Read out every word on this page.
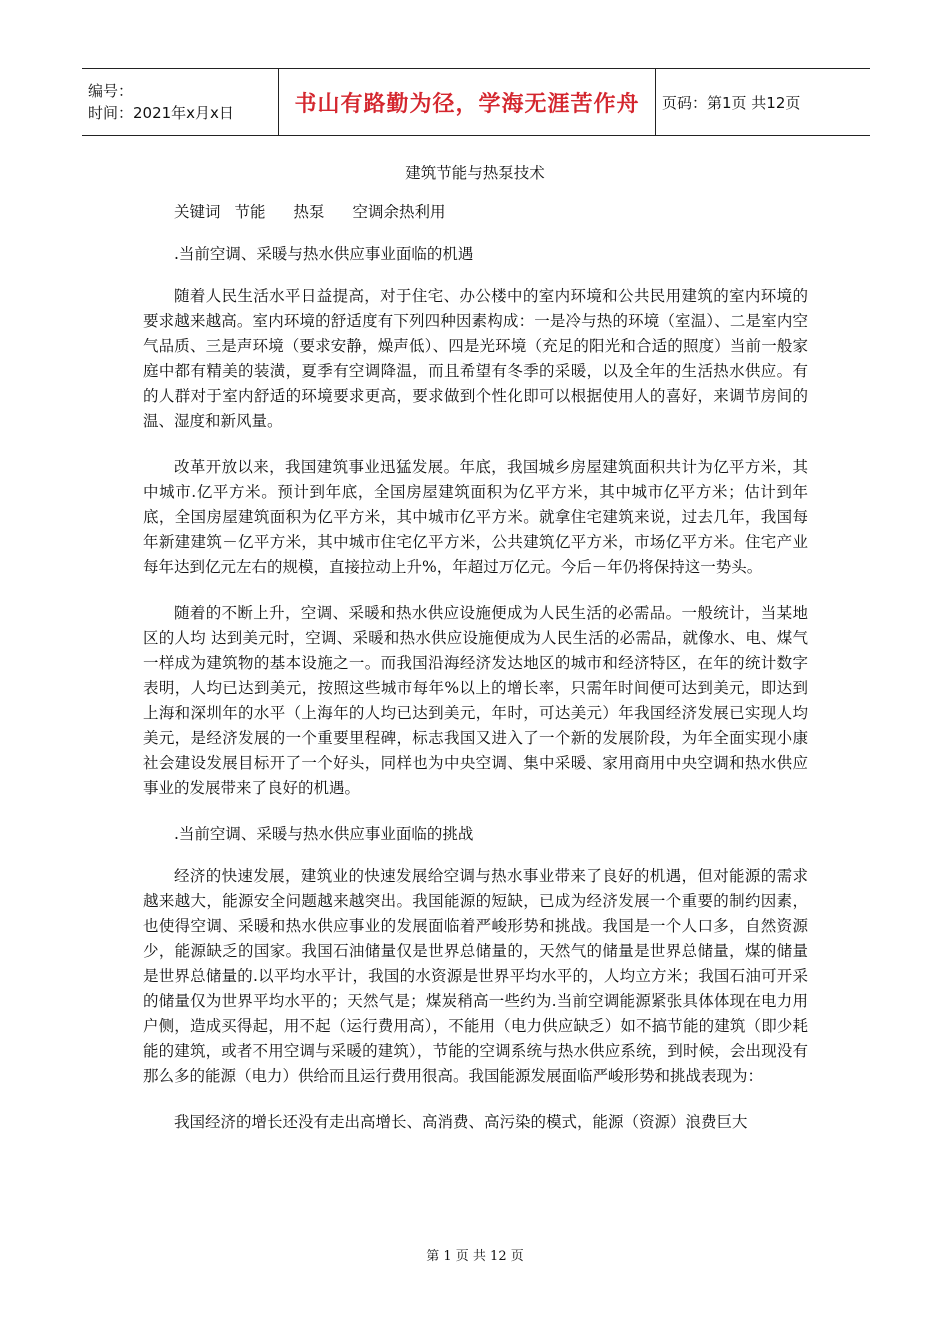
编号：
时间：2021年x月x日	书山有路勤为径，学海无涯苦作舟 页码：第1页 共12页
建筑节能与热泵技术

关键词 节能 热泵 空调余热利用

.当前空调、采暖与热水供应事业面临的机遇

随着人民生活水平日益提高，对于住宅、办公楼中的室内环境和公共民用建筑的室内环境的要求越来越高。室内环境的舒适度有下列四种因素构成：一是冷与热的环境（室温）、二是室内空气品质、三是声环境（要求安静，燥声低）、四是光环境（充足的阳光和合适的照度）当前一般家庭中都有精美的装潢，夏季有空调降温，而且希望有冬季的采暖，以及全年的生活热水供应。有的人群对于室内舒适的环境要求更高，要求做到个性化即可以根据使用人的喜好，来调节房间的温、湿度和新风量。

改革开放以来，我国建筑事业迅猛发展。年底，我国城乡房屋建筑面积共计为亿平方米，其中城市.亿平方米。预计到年底，全国房屋建筑面积为亿平方米，其中城市亿平方米；估计到年底，全国房屋建筑面积为亿平方米，其中城市亿平方米。就拿住宅建筑来说，过去几年，我国每年新建建筑－亿平方米，其中城市住宅亿平方米，公共建筑亿平方米，市场亿平方米。住宅产业每年达到亿元左右的规模，直接拉动上升%，年超过万亿元。今后－年仍将保持这一势头。

随着的不断上升，空调、采暖和热水供应设施便成为人民生活的必需品。一般统计，当某地区的人均 达到美元时，空调、采暖和热水供应设施便成为人民生活的必需品，就像水、电、煤气一样成为建筑物的基本设施之一。而我国沿海经济发达地区的城市和经济特区，在年的统计数字表明，人均已达到美元，按照这些城市每年%以上的增长率，只需年时间便可达到美元，即达到上海和深圳年的水平（上海年的人均已达到美元，年时，可达美元）年我国经济发展已实现人均美元，是经济发展的一个重要里程碑，标志我国又进入了一个新的发展阶段，为年全面实现小康社会建设发展目标开了一个好头，同样也为中央空调、集中采暖、家用商用中央空调和热水供应事业的发展带来了良好的机遇。

.当前空调、采暖与热水供应事业面临的挑战

经济的快速发展，建筑业的快速发展给空调与热水事业带来了良好的机遇，但对能源的需求越来越大，能源安全问题越来越突出。我国能源的短缺，已成为经济发展一个重要的制约因素，也使得空调、采暖和热水供应事业的发展面临着严峻形势和挑战。我国是一个人口多，自然资源少，能源缺乏的国家。我国石油储量仅是世界总储量的，天然气的储量是世界总储量，煤的储量是世界总储量的.以平均水平计，我国的水资源是世界平均水平的，人均立方米；我国石油可开采的储量仅为世界平均水平的；天然气是；煤炭稍高一些约为.当前空调能源紧张具体体现在电力用户侧，造成买得起，用不起（运行费用高），不能用（电力供应缺乏）如不搞节能的建筑（即少耗能的建筑，或者不用空调与采暖的建筑），节能的空调系统与热水供应系统，到时候，会出现没有那么多的能源（电力）供给而且运行费用很高。我国能源发展面临严峻形势和挑战表现为：

我国经济的增长还没有走出高增长、高消费、高污染的模式，能源（资源）浪费巨大

第 1 页 共 12 页
